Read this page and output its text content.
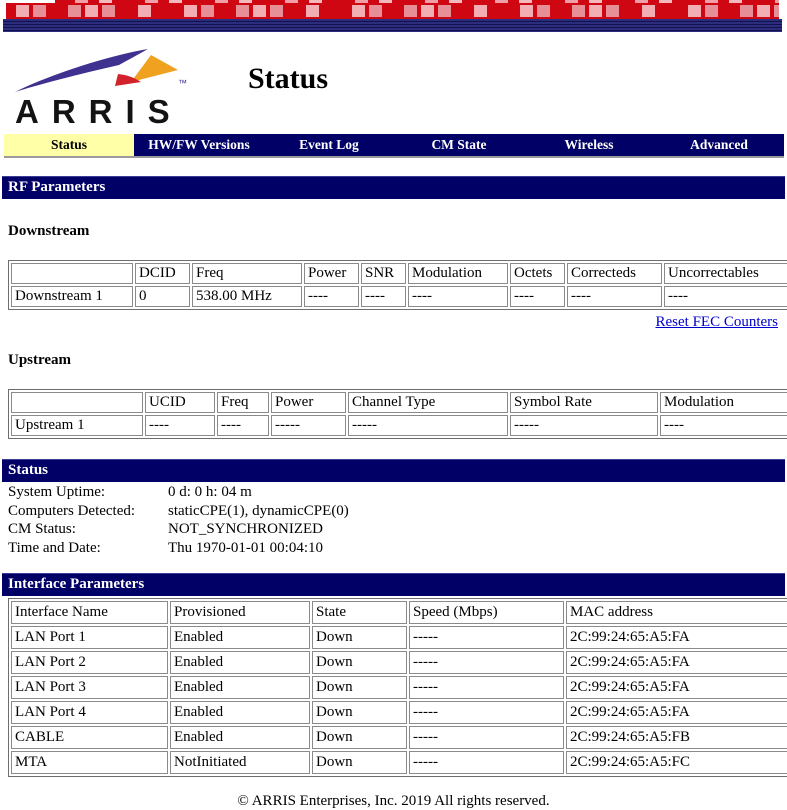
™
ARRIS
Status
Status	HW/FW Versions	Event Log	CM State	Wireless	Advanced
RF Parameters
Downstream
	DCID	Freq	Power	SNR	Modulation	Octets	Correcteds	Uncorrectables
Downstream 1	0	538.00 MHz	----	----	----	----	----	----
Reset FEC Counters
Upstream
	UCID	Freq	Power	Channel Type	Symbol Rate	Modulation
Upstream 1	----	----	-----	-----	-----	----
Status
System Uptime:	0 d: 0 h: 04 m
Computers Detected:	staticCPE(1), dynamicCPE(0)
CM Status:	NOT_SYNCHRONIZED
Time and Date:	Thu 1970-01-01 00:04:10
Interface Parameters
Interface Name	Provisioned	State	Speed (Mbps)	MAC address
LAN Port 1	Enabled	Down	-----	2C:99:24:65:A5:FA
LAN Port 2	Enabled	Down	-----	2C:99:24:65:A5:FA
LAN Port 3	Enabled	Down	-----	2C:99:24:65:A5:FA
LAN Port 4	Enabled	Down	-----	2C:99:24:65:A5:FA
CABLE	Enabled	Down	-----	2C:99:24:65:A5:FB
MTA	NotInitiated	Down	-----	2C:99:24:65:A5:FC
© ARRIS Enterprises, Inc. 2019 All rights reserved.
